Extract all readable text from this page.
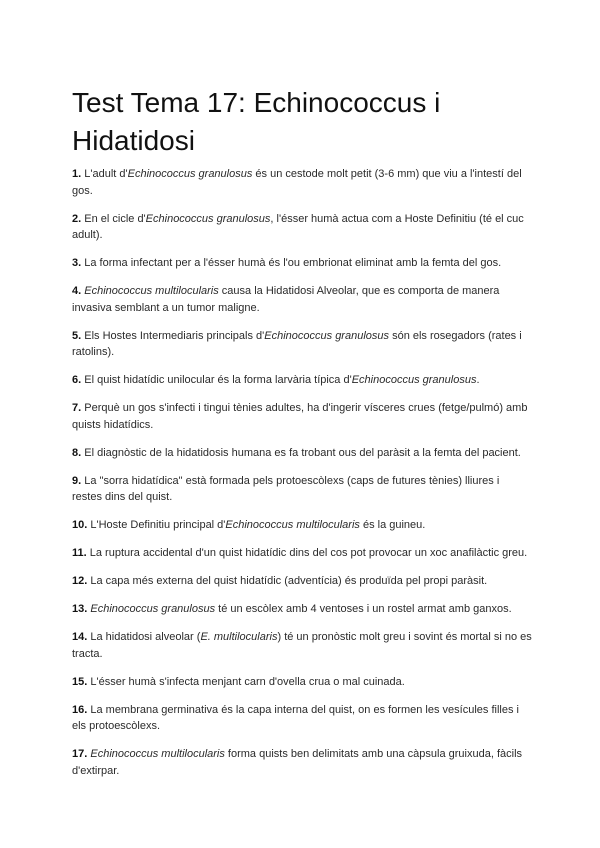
Test Tema 17: Echinococcus i Hidatidosi
1. L'adult d'Echinococcus granulosus és un cestode molt petit (3-6 mm) que viu a l'intestí del gos.
2. En el cicle d'Echinococcus granulosus, l'ésser humà actua com a Hoste Definitiu (té el cuc adult).
3. La forma infectant per a l'ésser humà és l'ou embrionat eliminat amb la femta del gos.
4. Echinococcus multilocularis causa la Hidatidosi Alveolar, que es comporta de manera invasiva semblant a un tumor maligne.
5. Els Hostes Intermediaris principals d'Echinococcus granulosus són els rosegadors (rates i ratolins).
6. El quist hidatídic unilocular és la forma larvària típica d'Echinococcus granulosus.
7. Perquè un gos s'infecti i tingui tènies adultes, ha d'ingerir vísceres crues (fetge/pulmó) amb quists hidatídics.
8. El diagnòstic de la hidatidosis humana es fa trobant ous del paràsit a la femta del pacient.
9. La "sorra hidatídica" està formada pels protoescòlexs (caps de futures tènies) lliures i restes dins del quist.
10. L'Hoste Definitiu principal d'Echinococcus multilocularis és la guineu.
11. La ruptura accidental d'un quist hidatídic dins del cos pot provocar un xoc anafilàctic greu.
12. La capa més externa del quist hidatídic (adventícia) és produïda pel propi paràsit.
13. Echinococcus granulosus té un escòlex amb 4 ventoses i un rostel armat amb ganxos.
14. La hidatidosi alveolar (E. multilocularis) té un pronòstic molt greu i sovint és mortal si no es tracta.
15. L'ésser humà s'infecta menjant carn d'ovella crua o mal cuinada.
16. La membrana germinativa és la capa interna del quist, on es formen les vesícules filles i els protoescòlexs.
17. Echinococcus multilocularis forma quists ben delimitats amb una càpsula gruixuda, fàcils d'extirpar.
